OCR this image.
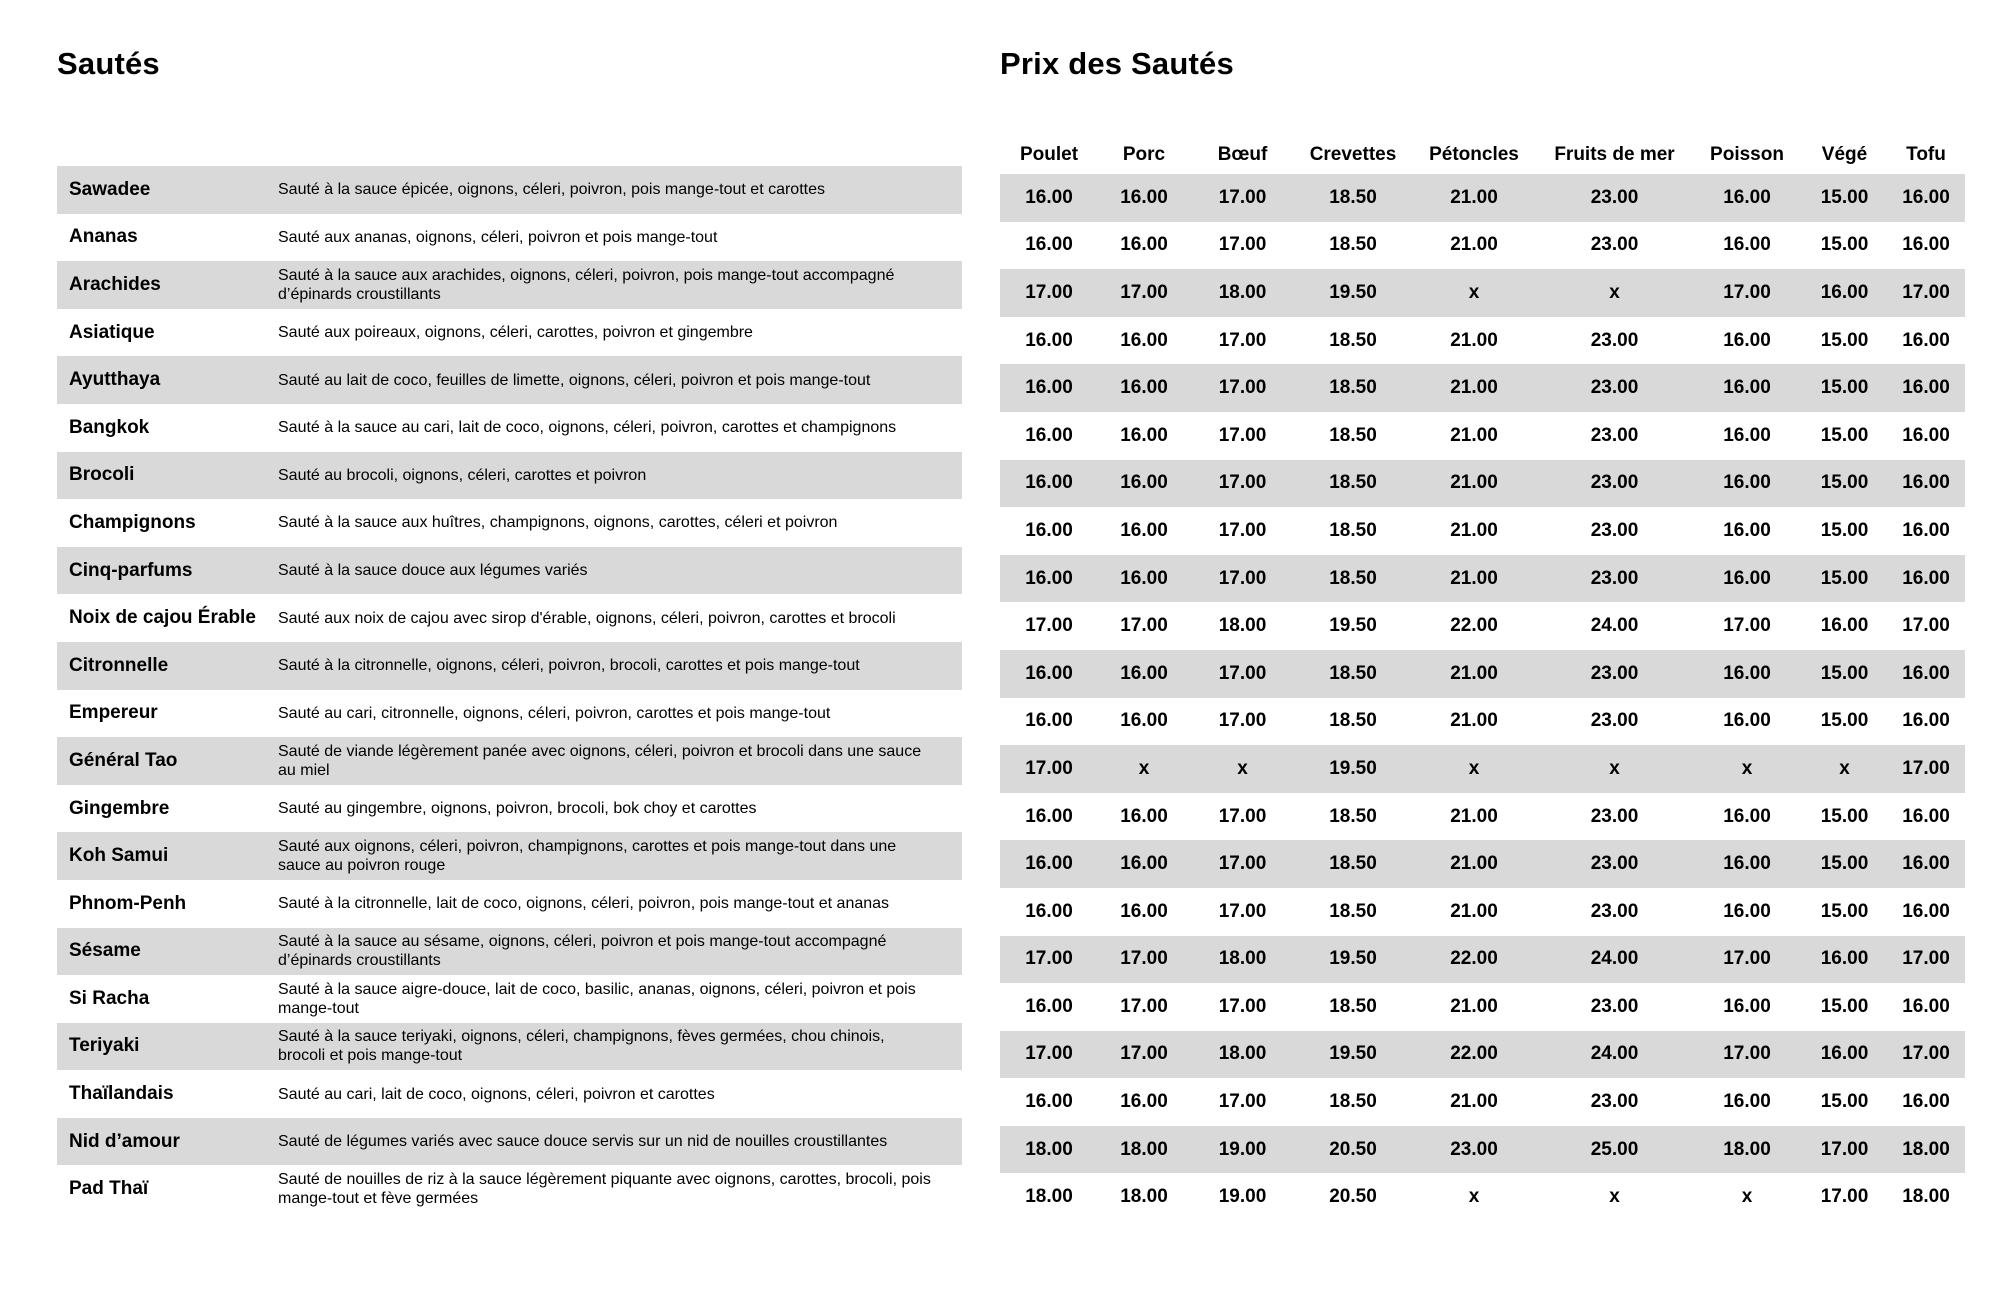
Sautés
Sawadee	Sauté à la sauce épicée, oignons, céleri, poivron, pois mange-tout et carottes
Ananas	Sauté aux ananas, oignons, céleri, poivron et pois mange-tout
Arachides	Sauté à la sauce aux arachides, oignons, céleri, poivron, pois mange-tout accompagné d’épinards croustillants
Asiatique	Sauté aux poireaux, oignons, céleri, carottes, poivron et gingembre
Ayutthaya	Sauté au lait de coco, feuilles de limette, oignons, céleri, poivron et pois mange-tout
Bangkok	Sauté à la sauce au cari, lait de coco, oignons, céleri, poivron, carottes et champignons
Brocoli	Sauté au brocoli, oignons, céleri, carottes et poivron
Champignons	Sauté à la sauce aux huîtres, champignons, oignons, carottes, céleri et poivron
Cinq-parfums	Sauté à la sauce douce aux légumes variés
Noix de cajou Érable	Sauté aux noix de cajou avec sirop d'érable, oignons, céleri, poivron, carottes et brocoli
Citronnelle	Sauté à la citronnelle, oignons, céleri, poivron, brocoli, carottes et pois mange-tout
Empereur	Sauté au cari, citronnelle, oignons, céleri, poivron, carottes et pois mange-tout
Général Tao	Sauté de viande légèrement panée avec oignons, céleri, poivron et brocoli dans une sauce au miel
Gingembre	Sauté au gingembre, oignons, poivron, brocoli, bok choy et carottes
Koh Samui	Sauté aux oignons, céleri, poivron, champignons, carottes et pois mange-tout dans une sauce au poivron rouge
Phnom-Penh	Sauté à la citronnelle, lait de coco, oignons, céleri, poivron, pois mange-tout et ananas
Sésame	Sauté à la sauce au sésame, oignons, céleri, poivron et pois mange-tout accompagné d’épinards croustillants
Si Racha	Sauté à la sauce aigre-douce, lait de coco, basilic, ananas, oignons, céleri, poivron et pois mange-tout
Teriyaki	Sauté à la sauce teriyaki, oignons, céleri, champignons, fèves germées, chou chinois, brocoli et pois mange-tout
Thaïlandais	Sauté au cari, lait de coco, oignons, céleri, poivron et carottes
Nid d’amour	Sauté de légumes variés avec sauce douce servis sur un nid de nouilles croustillantes
Pad Thaï	Sauté de nouilles de riz à la sauce légèrement piquante avec oignons, carottes, brocoli, pois mange-tout et fève germées
Prix des Sautés
Poulet	Porc	Bœuf	Crevettes	Pétoncles	Fruits de mer	Poisson	Végé	Tofu
16.00	16.00	17.00	18.50	21.00	23.00	16.00	15.00	16.00
16.00	16.00	17.00	18.50	21.00	23.00	16.00	15.00	16.00
17.00	17.00	18.00	19.50	x	x	17.00	16.00	17.00
16.00	16.00	17.00	18.50	21.00	23.00	16.00	15.00	16.00
16.00	16.00	17.00	18.50	21.00	23.00	16.00	15.00	16.00
16.00	16.00	17.00	18.50	21.00	23.00	16.00	15.00	16.00
16.00	16.00	17.00	18.50	21.00	23.00	16.00	15.00	16.00
16.00	16.00	17.00	18.50	21.00	23.00	16.00	15.00	16.00
16.00	16.00	17.00	18.50	21.00	23.00	16.00	15.00	16.00
17.00	17.00	18.00	19.50	22.00	24.00	17.00	16.00	17.00
16.00	16.00	17.00	18.50	21.00	23.00	16.00	15.00	16.00
16.00	16.00	17.00	18.50	21.00	23.00	16.00	15.00	16.00
17.00	x	x	19.50	x	x	x	x	17.00
16.00	16.00	17.00	18.50	21.00	23.00	16.00	15.00	16.00
16.00	16.00	17.00	18.50	21.00	23.00	16.00	15.00	16.00
16.00	16.00	17.00	18.50	21.00	23.00	16.00	15.00	16.00
17.00	17.00	18.00	19.50	22.00	24.00	17.00	16.00	17.00
16.00	17.00	17.00	18.50	21.00	23.00	16.00	15.00	16.00
17.00	17.00	18.00	19.50	22.00	24.00	17.00	16.00	17.00
16.00	16.00	17.00	18.50	21.00	23.00	16.00	15.00	16.00
18.00	18.00	19.00	20.50	23.00	25.00	18.00	17.00	18.00
18.00	18.00	19.00	20.50	x	x	x	17.00	18.00
